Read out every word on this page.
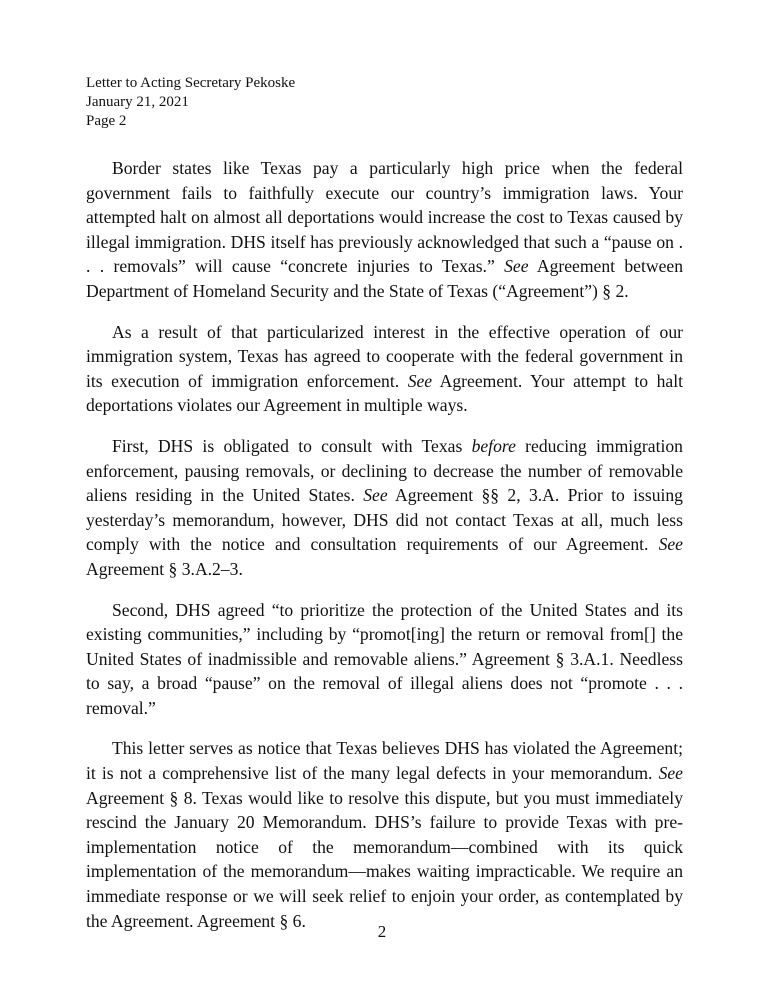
Letter to Acting Secretary Pekoske

January 21, 2021

Page 2

Border states like Texas pay a particularly high price when the federal government fails to faithfully execute our country’s immigration laws. Your attempted halt on almost all deportations would increase the cost to Texas caused by illegal immigration. DHS itself has previously acknowledged that such a “pause on . . . removals” will cause “concrete injuries to Texas.” See Agreement between Department of Homeland Security and the State of Texas (“Agreement”) § 2.

As a result of that particularized interest in the effective operation of our immigration system, Texas has agreed to cooperate with the federal government in its execution of immigration enforcement. See Agreement. Your attempt to halt deportations violates our Agreement in multiple ways.

First, DHS is obligated to consult with Texas before reducing immigration enforcement, pausing removals, or declining to decrease the number of removable aliens residing in the United States. See Agreement §§ 2, 3.A. Prior to issuing yesterday’s memorandum, however, DHS did not contact Texas at all, much less comply with the notice and consultation requirements of our Agreement. See Agreement § 3.A.2–3.

Second, DHS agreed “to prioritize the protection of the United States and its existing communities,” including by “promot[ing] the return or removal from[] the United States of inadmissible and removable aliens.” Agreement § 3.A.1. Needless to say, a broad “pause” on the removal of illegal aliens does not “promote . . . removal.”

This letter serves as notice that Texas believes DHS has violated the Agreement; it is not a comprehensive list of the many legal defects in your memorandum. See Agreement § 8. Texas would like to resolve this dispute, but you must immediately rescind the January 20 Memorandum. DHS’s failure to provide Texas with pre-implementation notice of the memorandum—combined with its quick implementation of the memorandum—makes waiting impracticable. We require an immediate response or we will seek relief to enjoin your order, as contemplated by the Agreement. Agreement § 6.

2
